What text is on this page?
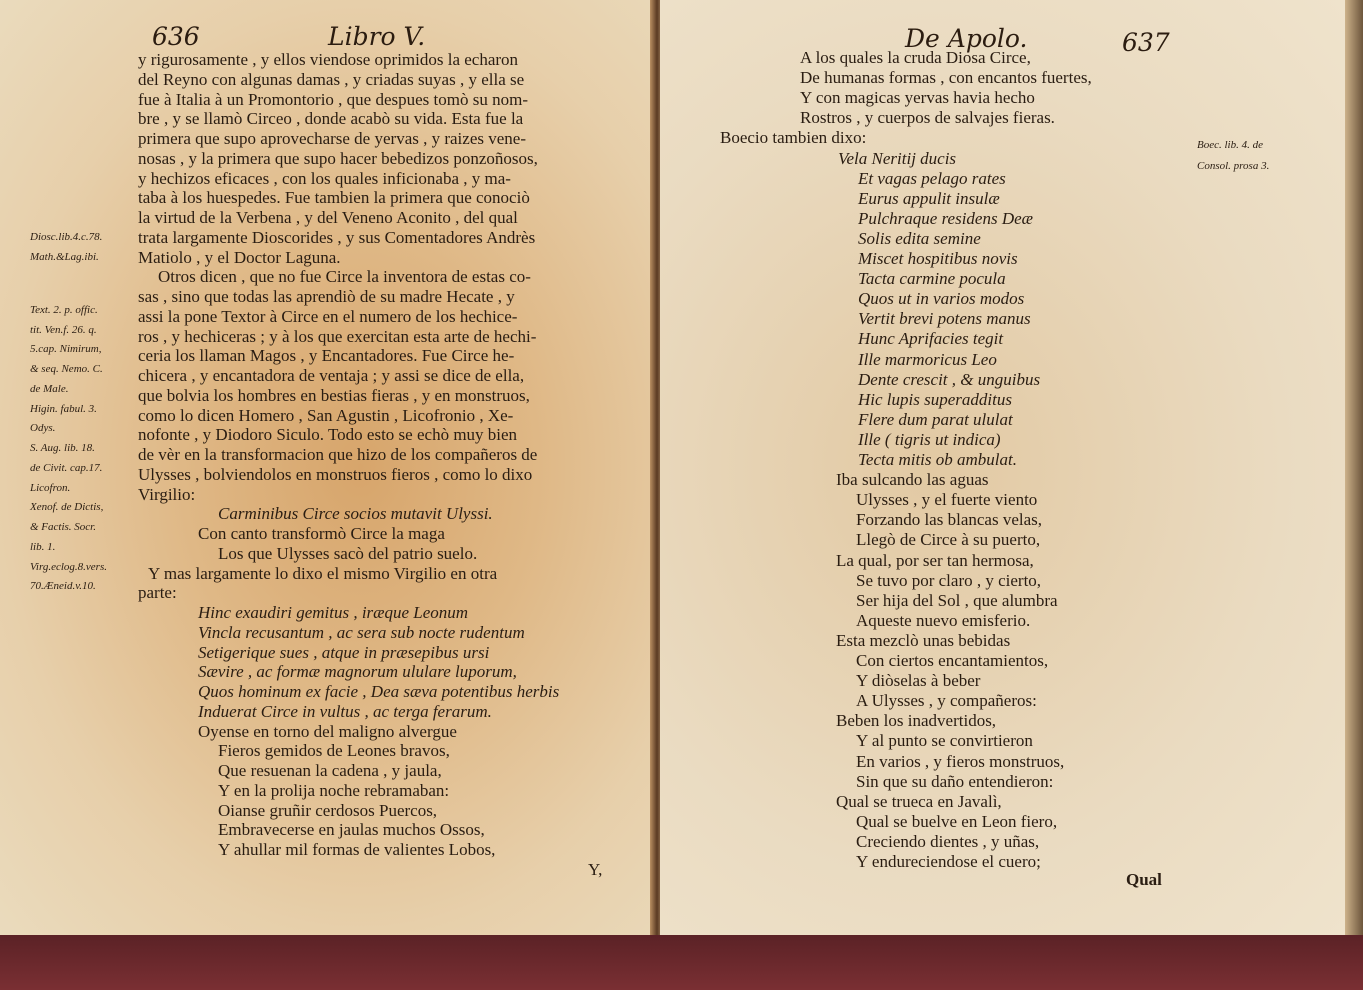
636	Libro V.
y rigurosamente , y ellos viendose oprimidos la echaron
del Reyno con algunas damas , y criadas suyas , y ella se
fue à Italia à un Promontorio , que despues tomò su nom-
bre , y se llamò Circeo , donde acabò su vida. Esta fue la
primera que supo aprovecharse de yervas , y raizes vene-
nosas , y la primera que supo hacer bebedizos ponzoñosos,
y hechizos eficaces , con los quales inficionaba , y ma-
taba à los huespedes. Fue tambien la primera que conociò
la virtud de la Verbena , y del Veneno Aconito , del qual
trata largamente Dioscorides , y sus Comentadores Andrès
Matiolo , y el Doctor Laguna.
Otros dicen , que no fue Circe la inventora de estas co-
sas , sino que todas las aprendiò de su madre Hecate , y
assi la pone Textor à Circe en el numero de los hechice-
ros , y hechiceras ; y à los que exercitan esta arte de hechi-
ceria los llaman Magos , y Encantadores. Fue Circe he-
chicera , y encantadora de ventaja ; y assi se dice de ella,
que bolvia los hombres en bestias fieras , y en monstruos,
como lo dicen Homero , San Agustin , Licofronio , Xe-
nofonte , y Diodoro Siculo. Todo esto se echò muy bien
de vèr en la transformacion que hizo de los compañeros de
Ulysses , bolviendolos en monstruos fieros , como lo dixo
Virgilio:
Carminibus Circe socios mutavit Ulyssi.
Con canto transformò Circe la maga
Los que Ulysses sacò del patrio suelo.
Y mas largamente lo dixo el mismo Virgilio en otra
parte:
Hinc exaudiri gemitus , iræque Leonum
Vincla recusantum , ac sera sub nocte rudentum
Setigerique sues , atque in præsepibus ursi
Sævire , ac formæ magnorum ululare luporum,
Quos hominum ex facie , Dea sæva potentibus herbis
Induerat Circe in vultus , ac terga ferarum.
Oyense en torno del maligno alvergue
Fieros gemidos de Leones bravos,
Que resuenan la cadena , y jaula,
Y en la prolija noche rebramaban:
Oianse gruñir cerdosos Puercos,
Embravecerse en jaulas muchos Ossos,
Y ahullar mil formas de valientes Lobos,
Diosc.lib.4.c.78.
Math.&Lag.ibi.
Text. 2. p. offic.
tit. Ven.f. 26. q.
5.cap. Nimirum,
& seq. Nemo. C.
de Male.
Higin. fabul. 3.
Odys.
S. Aug. lib. 18.
de Civit. cap.17.
Licofron.
Xenof. de Dictis,
& Factis. Socr.
lib. 1.
Virg.eclog.8.vers.
70.Æneid.v.10.
Y,
De Apolo.	637
A los quales la cruda Diosa Circe,
De humanas formas , con encantos fuertes,
Y con magicas yervas havia hecho
Rostros , y cuerpos de salvajes fieras.
Boecio tambien dixo:
Vela Neritij ducis
Et vagas pelago rates
Eurus appulit insulæ
Pulchraque residens Deæ
Solis edita semine
Miscet hospitibus novis
Tacta carmine pocula
Quos ut in varios modos
Vertit brevi potens manus
Hunc Aprifacies tegit
Ille marmoricus Leo
Dente crescit , & unguibus
Hic lupis superadditus
Flere dum parat ululat
Ille ( tigris ut indica)
Tecta mitis ob ambulat.
Iba sulcando las aguas
Ulysses , y el fuerte viento
Forzando las blancas velas,
Llegò de Circe à su puerto,
La qual, por ser tan hermosa,
Se tuvo por claro , y cierto,
Ser hija del Sol , que alumbra
Aqueste nuevo emisferio.
Esta mezclò unas bebidas
Con ciertos encantamientos,
Y diòselas à beber
A Ulysses , y compañeros:
Beben los inadvertidos,
Y al punto se convirtieron
En varios , y fieros monstruos,
Sin que su daño entendieron:
Qual se trueca en Javalì,
Qual se buelve en Leon fiero,
Creciendo dientes , y uñas,
Y endureciendose el cuero;
Boec. lib. 4. de
Consol. prosa 3.
Qual
